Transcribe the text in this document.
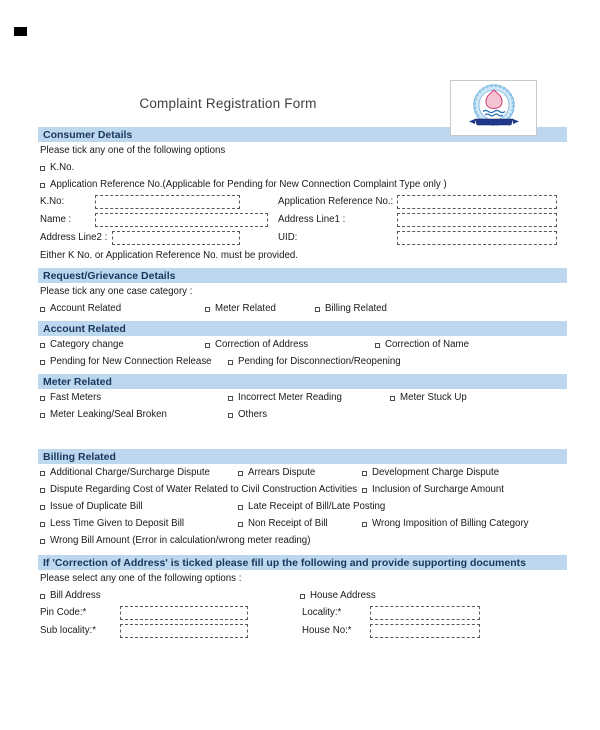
Complaint Registration Form
Consumer Details
Please tick any one of the following options
K.No.
Application Reference No.(Applicable for Pending for New Connection Complaint Type only )
K.No:	Application Reference No.:
Name :	Address Line1 :
Address Line2 :	UID:
Either K No. or Application Reference No. must be provided.
Request/Grievance Details
Please tick any one case category :
Account Related	Meter Related	Billing Related
Account Related
Category change	Correction of Address	Correction of Name
Pending for New Connection Release	Pending for Disconnection/Reopening
Meter Related
Fast Meters	Incorrect Meter Reading	Meter Stuck Up
Meter Leaking/Seal Broken	Others
Billing Related
Additional Charge/Surcharge Dispute	Arrears Dispute	Development Charge Dispute
Dispute Regarding Cost of Water Related to Civil Construction Activities Inclusion of Surcharge Amount
Issue of Duplicate Bill	Late Receipt of Bill/Late Posting
Less Time Given to Deposit Bill	Non Receipt of Bill	Wrong Imposition of Billing Category
Wrong Bill Amount (Error in calculation/wrong meter reading)
If 'Correction of Address' is ticked please fill up the following and provide supporting documents
Please select any one of the following options :
Bill Address	House Address
Pin Code:*	Locality:*
Sub locality:*	House No:*
